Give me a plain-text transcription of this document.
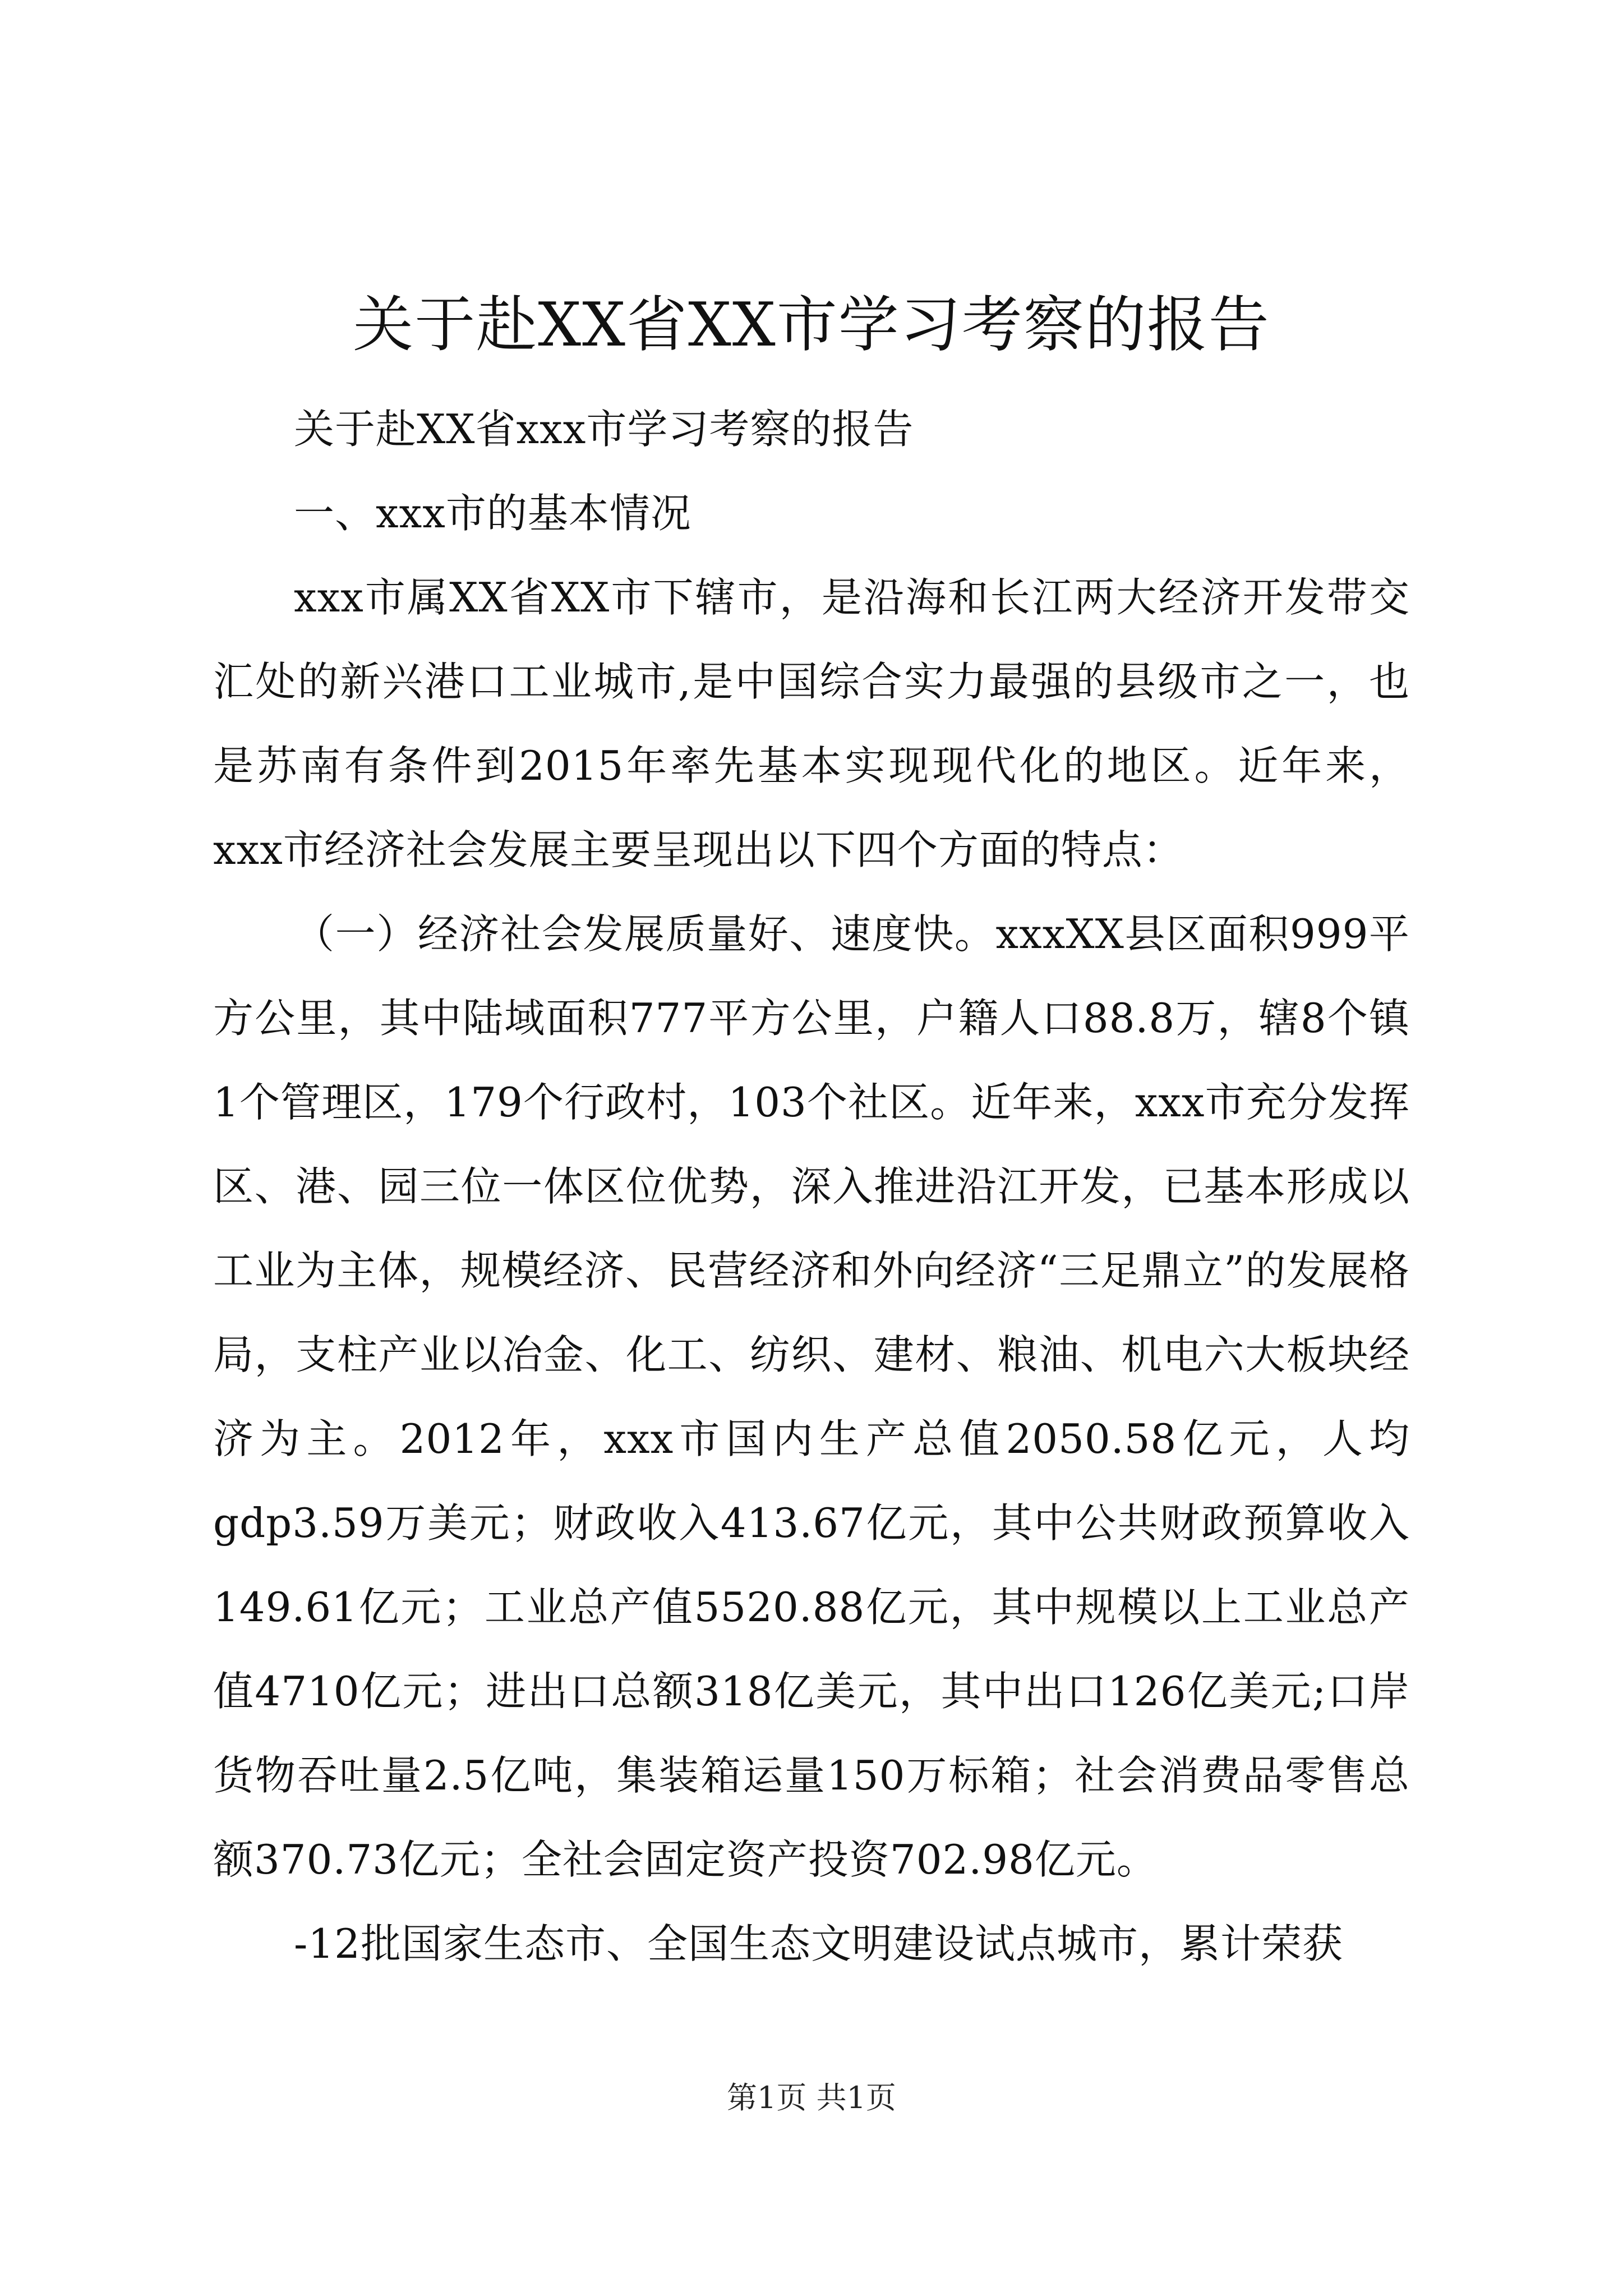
关于赴XX省XX市学习考察的报告

关于赴XX省xxx市学习考察的报告

一、xxx市的基本情况

xxx市属XX省XX市下辖市，是沿海和长江两大经济开发带交汇处的新兴港口工业城市,是中国综合实力最强的县级市之一，也是苏南有条件到2015年率先基本实现现代化的地区。近年来，xxx市经济社会发展主要呈现出以下四个方面的特点：

（一）经济社会发展质量好、速度快。xxxXX县区面积999平方公里，其中陆域面积777平方公里，户籍人口88.8万，辖8个镇1个管理区，179个行政村，103个社区。近年来，xxx市充分发挥区、港、园三位一体区位优势，深入推进沿江开发，已基本形成以工业为主体，规模经济、民营经济和外向经济“三足鼎立”的发展格局，支柱产业以冶金、化工、纺织、建材、粮油、机电六大板块经济为主。2012年，xxx市国内生产总值2050.58亿元，人均gdp3.59万美元；财政收入413.67亿元，其中公共财政预算收入149.61亿元；工业总产值5520.88亿元，其中规模以上工业总产值4710亿元；进出口总额318亿美元，其中出口126亿美元;口岸货物吞吐量2.5亿吨，集装箱运量150万标箱；社会消费品零售总额370.73亿元；全社会固定资产投资702.98亿元。

-12批国家生态市、全国生态文明建设试点城市，累计荣获

第1页 共1页
